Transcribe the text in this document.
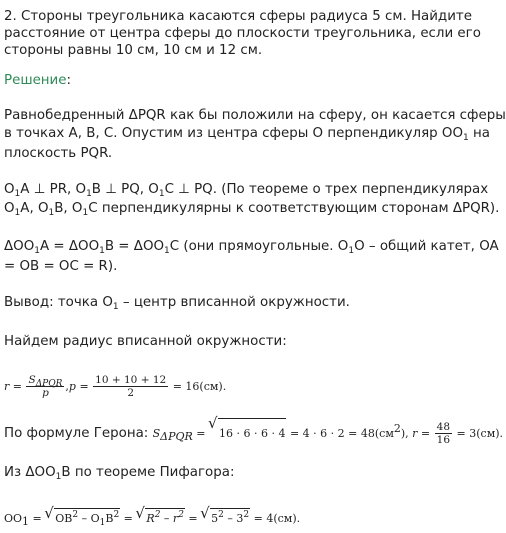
2. Стороны треугольника касаются сферы радиуса 5 см. Найдите
расстояние от центра сферы до плоскости треугольника, если его
стороны равны 10 см, 10 см и 12 см.
Решение:
Равнобедренный ΔPQR как бы положили на сферу, он касается сферы
в точках A, B, C. Опустим из центра сферы O перпендикуляр $OO_1$ на
плоскость PQR.
$O_1A$ ⊥ PR, $O_1B$ ⊥ PQ, $O_1C$ ⊥ PQ. (По теореме о трех перпендикулярах
$O_1A$, $O_1B$, $O_1C$ перпендикулярны к соответствующим сторонам ΔPQR).
$\Delta OO_1A = \Delta OO_1B = \Delta OO_1C$ (они прямоугольные. $O_1O$ – общий катет, OA
= OB = OC = R).
Вывод: точка $O_1$ – центр вписанной окружности.
Найдем радиус вписанной окружности:
$r = \frac{S_{\Delta PQR}}{p} ,p = \frac{10 + 10 + 12}{2} = 16(см)$.
По формуле Герона: $S_{\Delta PQR}$ = √ $16 \cdot 6 \cdot 6 \cdot 4 = 4 \cdot 6 \cdot 2 = 48(см^2)$, $r = \frac{48}{16} = 3(см)$.
Из $\Delta OO_1B$ по теореме Пифагора:
$OO_1$ = √ $OB^2 - O_1B^2$ = √ $R^2 - r^2$ = √ $5^2 - 3^2 = 4(см)$.
